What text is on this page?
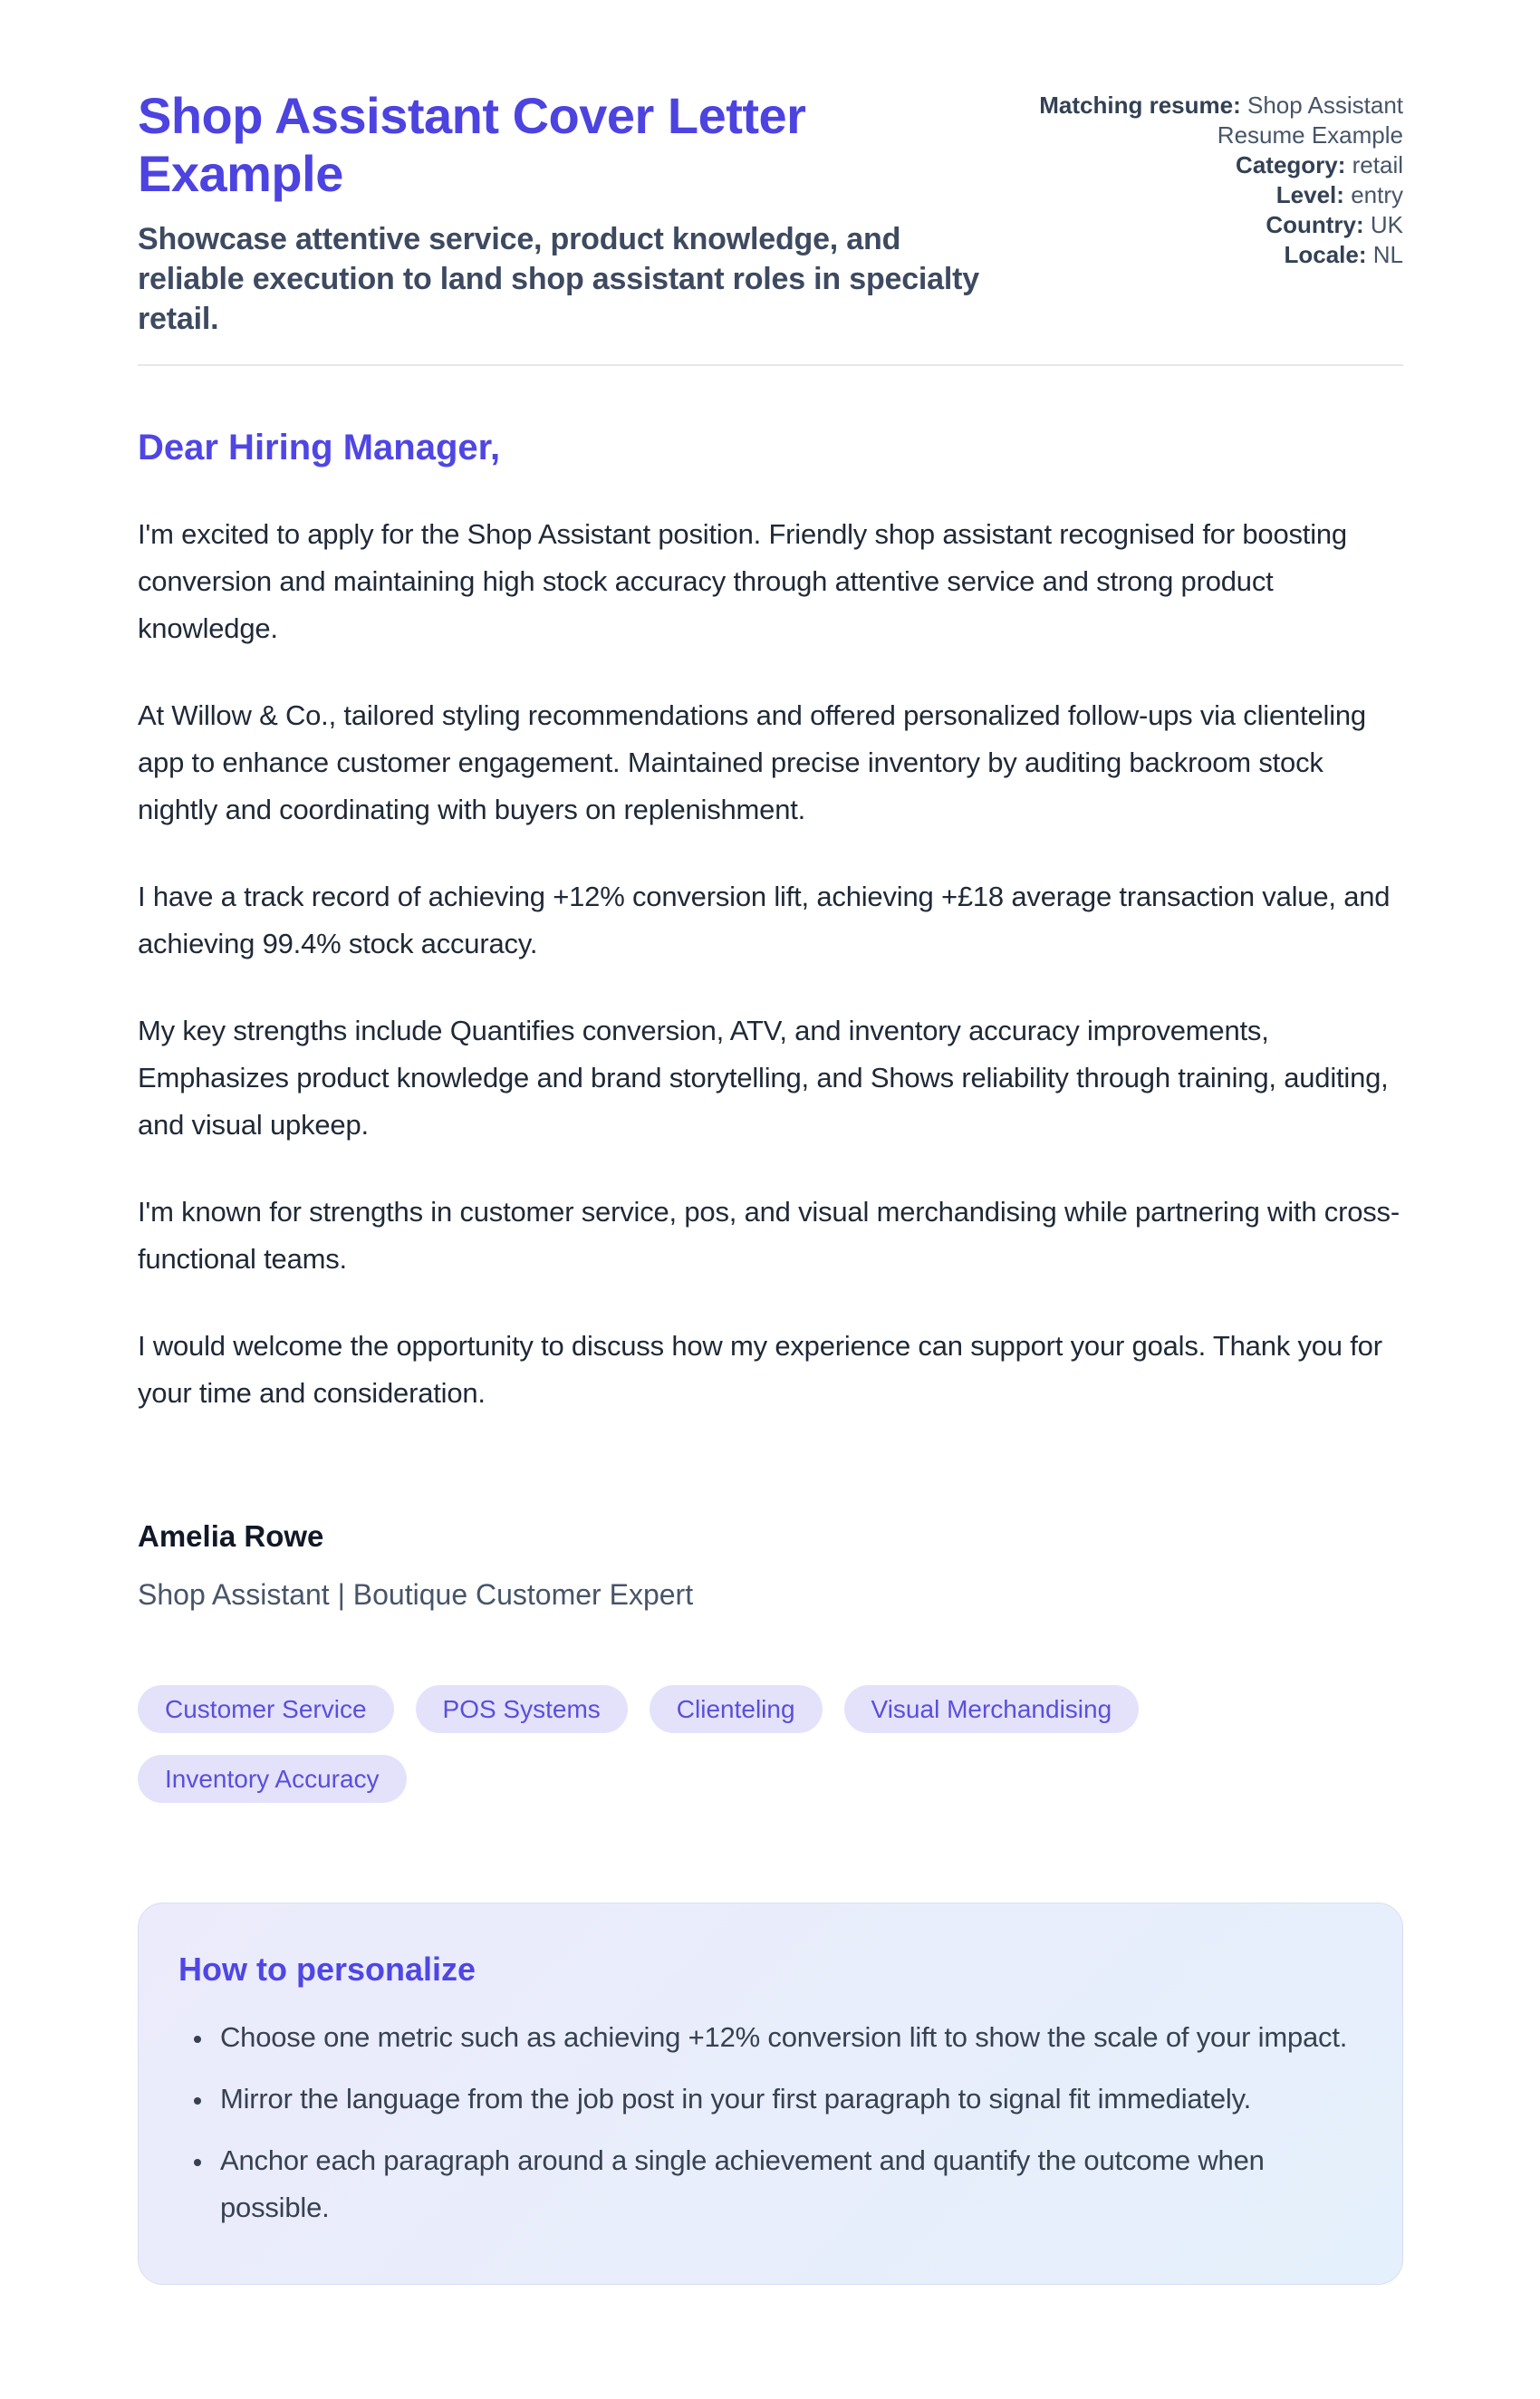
Shop Assistant Cover Letter
Example
Showcase attentive service, product knowledge, and reliable execution to land shop assistant roles in specialty retail.
Matching resume: Shop Assistant Resume Example
Category: retail
Level: entry
Country: UK
Locale: NL
Dear Hiring Manager,

I'm excited to apply for the Shop Assistant position. Friendly shop assistant recognised for boosting conversion and maintaining high stock accuracy through attentive service and strong product knowledge.

At Willow & Co., tailored styling recommendations and offered personalized follow-ups via clienteling app to enhance customer engagement. Maintained precise inventory by auditing backroom stock nightly and coordinating with buyers on replenishment.

I have a track record of achieving +12% conversion lift, achieving +£18 average transaction value, and achieving 99.4% stock accuracy.

My key strengths include Quantifies conversion, ATV, and inventory accuracy improvements, Emphasizes product knowledge and brand storytelling, and Shows reliability through training, auditing, and visual upkeep.

I'm known for strengths in customer service, pos, and visual merchandising while partnering with cross-functional teams.

I would welcome the opportunity to discuss how my experience can support your goals. Thank you for your time and consideration.

Amelia Rowe
Shop Assistant | Boutique Customer Expert
Customer Service	POS Systems	Clienteling	Visual Merchandising
Inventory Accuracy
How to personalize
• Choose one metric such as achieving +12% conversion lift to show the scale of your impact.
• Mirror the language from the job post in your first paragraph to signal fit immediately.
• Anchor each paragraph around a single achievement and quantify the outcome when possible.
